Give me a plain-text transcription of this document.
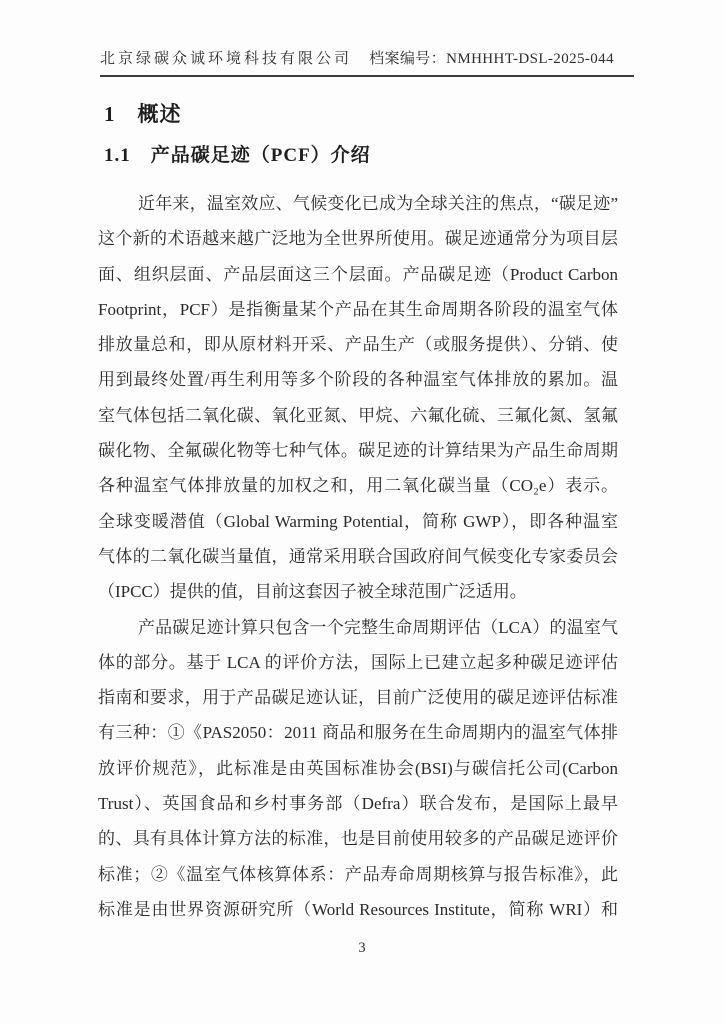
北京绿碳众诚环境科技有限公司 档案编号：NMHHHT-DSL-2025-044
1　概述
1.1　产品碳足迹（PCF）介绍
近年来，温室效应、气候变化已成为全球关注的焦点，“碳足迹”
这个新的术语越来越广泛地为全世界所使用。碳足迹通常分为项目层
面、组织层面、产品层面这三个层面。产品碳足迹（Product Carbon
Footprint，PCF）是指衡量某个产品在其生命周期各阶段的温室气体
排放量总和，即从原材料开采、产品生产（或服务提供）、分销、使
用到最终处置/再生利用等多个阶段的各种温室气体排放的累加。温
室气体包括二氧化碳、氧化亚氮、甲烷、六氟化硫、三氟化氮、氢氟
碳化物、全氟碳化物等七种气体。碳足迹的计算结果为产品生命周期
各种温室气体排放量的加权之和，用二氧化碳当量（CO₂e）表示。
全球变暖潜值（Global Warming Potential，简称 GWP），即各种温室
气体的二氧化碳当量值，通常采用联合国政府间气候变化专家委员会
（IPCC）提供的值，目前这套因子被全球范围广泛适用。
产品碳足迹计算只包含一个完整生命周期评估（LCA）的温室气
体的部分。基于 LCA 的评价方法，国际上已建立起多种碳足迹评估
指南和要求，用于产品碳足迹认证，目前广泛使用的碳足迹评估标准
有三种：①《PAS2050：2011 商品和服务在生命周期内的温室气体排
放评价规范》，此标准是由英国标准协会(BSI)与碳信托公司(Carbon
Trust）、英国食品和乡村事务部（Defra）联合发布，是国际上最早
的、具有具体计算方法的标准，也是目前使用较多的产品碳足迹评价
标准；②《温室气体核算体系：产品寿命周期核算与报告标准》，此
标准是由世界资源研究所（World Resources Institute，简称 WRI）和
3
